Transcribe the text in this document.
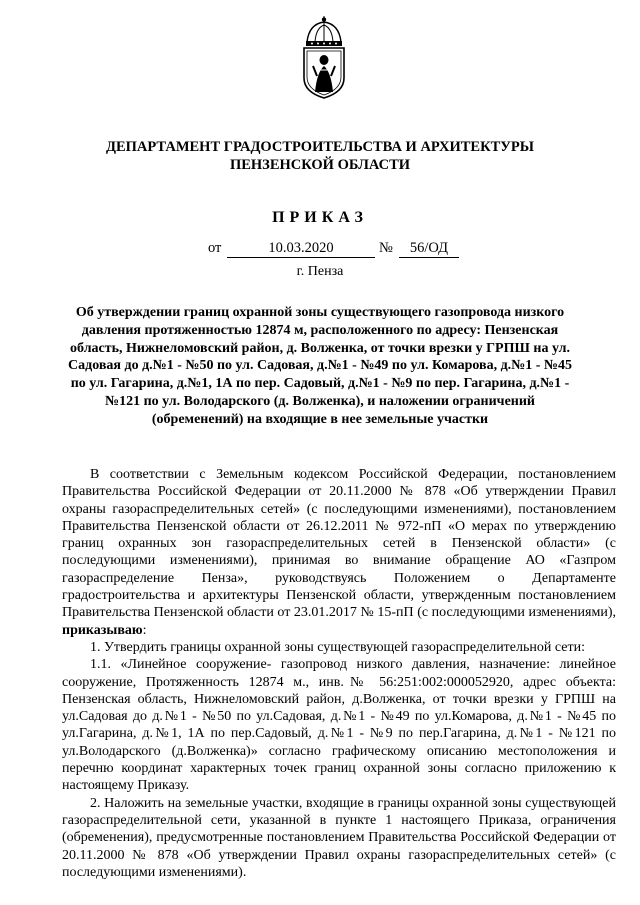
ДЕПАРТАМЕНТ ГРАДОСТРОИТЕЛЬСТВА И АРХИТЕКТУРЫ
ПЕНЗЕНСКОЙ ОБЛАСТИ
ПРИКАЗ
от	10.03.2020	№	56/ОД
г. Пенза
Об утверждении границ охранной зоны существующего газопровода низкого давления протяженностью 12874 м, расположенного по адресу: Пензенская область, Нижнеломовский район, д. Волженка, от точки врезки у ГРПШ на ул. Садовая до д.№1 - №50 по ул. Садовая, д.№1 - №49 по ул. Комарова, д.№1 - №45 по ул. Гагарина, д.№1, 1А по пер. Садовый, д.№1 - №9 по пер. Гагарина, д.№1 - №121 по ул. Володарского (д. Волженка), и наложении ограничений (обременений) на входящие в нее земельные участки

В соответствии с Земельным кодексом Российской Федерации, постановлением Правительства Российской Федерации от 20.11.2000 № 878 «Об утверждении Правил охраны газораспределительных сетей» (с последующими изменениями), постановлением Правительства Пензенской области от 26.12.2011 № 972-пП «О мерах по утверждению границ охранных зон газораспределительных сетей в Пензенской области» (с последующими изменениями), принимая во внимание обращение АО «Газпром газораспределение Пенза», руководствуясь Положением о Департаменте градостроительства и архитектуры Пензенской области, утвержденным постановлением Правительства Пензенской области от 23.01.2017 № 15-пП (с последующими изменениями), приказываю:

1. Утвердить границы охранной зоны существующей газораспределительной сети:

1.1. «Линейное сооружение- газопровод низкого давления, назначение: линейное сооружение, Протяженность 12874 м., инв.№ 56:251:002:000052920, адрес объекта: Пензенская область, Нижнеломовский район, д.Волженка, от точки врезки у ГРПШ на ул.Садовая до д.№1 - №50 по ул.Садовая, д.№1 - №49 по ул.Комарова, д.№1 - №45 по ул.Гагарина, д.№1, 1А по пер.Садовый, д.№1 - №9 по пер.Гагарина, д.№1 - №121 по ул.Володарского (д.Волженка)» согласно графическому описанию местоположения и перечню координат характерных точек границ охранной зоны согласно приложению к настоящему Приказу.

2. Наложить на земельные участки, входящие в границы охранной зоны существующей газораспределительной сети, указанной в пункте 1 настоящего Приказа, ограничения (обременения), предусмотренные постановлением Правительства Российской Федерации от 20.11.2000 № 878 «Об утверждении Правил охраны газораспределительных сетей» (с последующими изменениями).
